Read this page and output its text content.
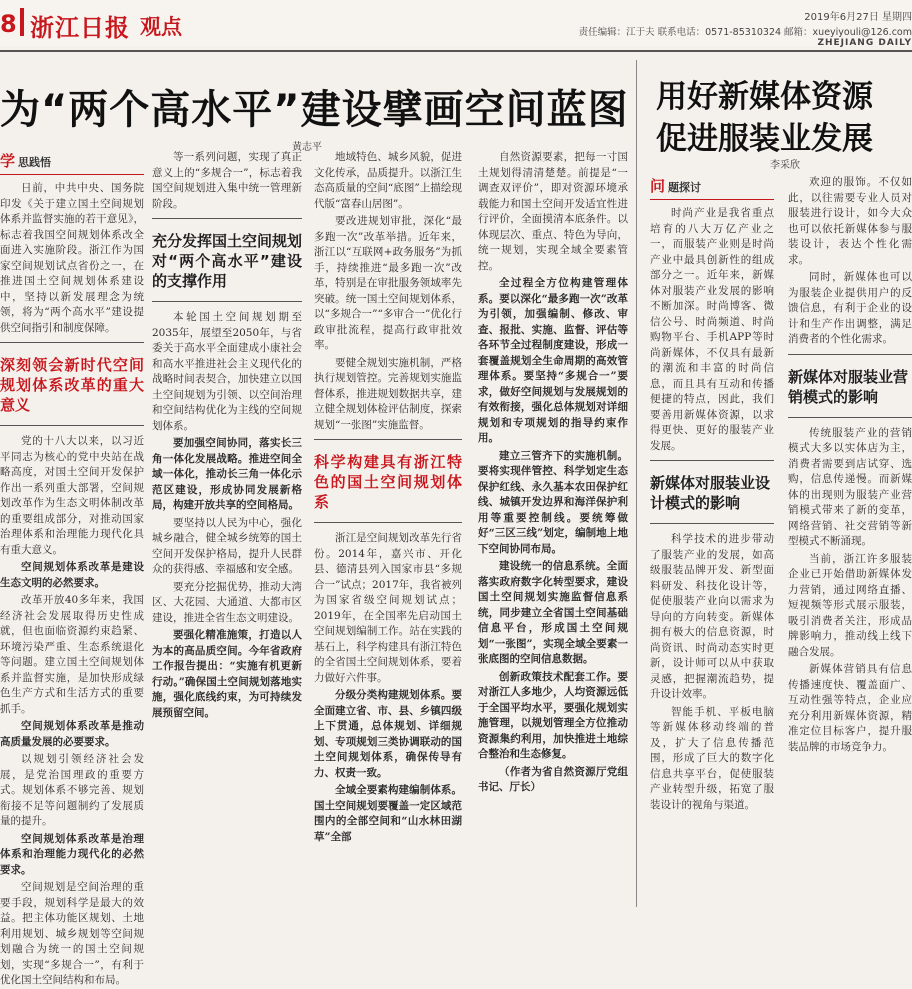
8 浙江日报 观点	2019年6月27日 星期四
责任编辑：江于夫 联系电话：0571-85310324 邮箱：xueyiyouli@126.com
ZHEJIANG DAILY
为“两个高水平”建设擘画空间蓝图
黄志平
学 思践悟

日前，中共中央、国务院印发《关于建立国土空间规划体系并监督实施的若干意见》，标志着我国空间规划体系改全面进入实施阶段。浙江作为国家空间规划试点省份之一，在推进国土空间规划体系建设中，坚持以新发展理念为统领，将为“两个高水平”建设提供空间指引和制度保障。

深刻领会新时代空间规划体系改革的重大意义

党的十八大以来，以习近平同志为核心的党中央站在战略高度，对国土空间开发保护作出一系列重大部署，空间规划改革作为生态文明体制改革的重要组成部分，对推动国家治理体系和治理能力现代化具有重大意义。

空间规划体系改革是建设生态文明的必然要求。

改革开放40多年来，我国经济社会发展取得历史性成就，但也面临资源约束趋紧、环境污染严重、生态系统退化等问题。建立国土空间规划体系并监督实施，是加快形成绿色生产方式和生活方式的重要抓手。

空间规划体系改革是推动高质量发展的必要要求。

以规划引领经济社会发展，是党治国理政的重要方式。规划体系不够完善、规划衔接不足等问题制约了发展质量的提升。

空间规划体系改革是治理体系和治理能力现代化的必然要求。

空间规划是空间治理的重要手段，规划科学是最大的效益。把主体功能区规划、土地利用规划、城乡规划等空间规划融合为统一的国土空间规划，实现“多规合一”，有利于优化国土空间结构和布局。

等一系列问题，实现了真正意义上的“多规合一”，标志着我国空间规划进入集中统一管理新阶段。

充分发挥国土空间规划对“两个高水平”建设的支撑作用

本轮国土空间规划期至2035年，展望至2050年，与省委关于高水平全面建成小康社会和高水平推进社会主义现代化的战略时间表契合，加快建立以国土空间规划为引领、以空间治理和空间结构优化为主线的空间规划体系。

要加强空间协同，落实长三角一体化发展战略。推进空间全域一体化，推动长三角一体化示范区建设，形成协同发展新格局，构建开放共享的空间格局。

要坚持以人民为中心，强化城乡融合，健全城乡统筹的国土空间开发保护格局，提升人民群众的获得感、幸福感和安全感。

要充分挖掘优势，推动大湾区、大花园、大通道、大都市区建设，推进全省生态文明建设。

要强化精准施策，打造以人为本的高品质空间。今年省政府工作报告提出：“实施有机更新行动。”确保国土空间规划落地实施，强化底线约束，为可持续发展预留空间。

地域特色、城乡风貌，促进文化传承，品质提升。以浙江生态高质量的空间“底图”上描绘现代版“富春山居图”。

要改进规划审批，深化“最多跑一次”改革举措。近年来，浙江以“互联网+政务服务”为抓手，持续推进“最多跑一次”改革，特别是在审批服务领域率先突破。统一国土空间规划体系，以“多规合一”“多审合一”优化行政审批流程，提高行政审批效率。

要健全规划实施机制，严格执行规划管控。完善规划实施监督体系，推进规划数据共享，建立健全规划体检评估制度，探索规划“一张图”实施监督。

科学构建具有浙江特色的国土空间规划体系

浙江是空间规划改革先行省份。2014年，嘉兴市、开化县、德清县列入国家市县“多规合一”试点；2017年，我省被列为国家省级空间规划试点；2019年，在全国率先启动国土空间规划编制工作。站在实践的基石上，科学构建具有浙江特色的全省国土空间规划体系，要着力做好六件事。

分级分类构建规划体系。要全面建立省、市、县、乡镇四级上下贯通，总体规划、详细规划、专项规划三类协调联动的国土空间规划体系，确保传导有力、权责一致。

全域全要素构建编制体系。国土空间规划要覆盖一定区域范围内的全部空间和“山水林田湖草”全部

自然资源要素，把每一寸国土规划得清清楚楚。前提是“一调查双评价”，即对资源环境承载能力和国土空间开发适宜性进行评价，全面摸清本底条件。以体现层次、重点、特色为导向，统一规划，实现全域全要素管控。

全过程全方位构建管理体系。要以深化“最多跑一次”改革为引领，加强编制、修改、审查、报批、实施、监督、评估等各环节全过程制度建设，形成一套覆盖规划全生命周期的高效管理体系。要坚持“多规合一”要求，做好空间规划与发展规划的有效衔接，强化总体规划对详细规划和专项规划的指导约束作用。

建立三管齐下的实施机制。要将实现伴管控、科学划定生态保护红线、永久基本农田保护红线、城镇开发边界和海洋保护利用等重要控制线。要统筹做好“三区三线”划定，编制地上地下空间协同布局。

建设统一的信息系统。全面落实政府数字化转型要求，建设国土空间规划实施监督信息系统，同步建立全省国土空间基础信息平台，形成国土空间规划“一张图”，实现全域全要素一张底图的空间信息数据。

创新政策技术配套工作。要对浙江人多地少，人均资源远低于全国平均水平，要强化规划实施管理，以规划管理全方位推动资源集约利用，加快推进土地综合整治和生态修复。

（作者为省自然资源厅党组书记、厅长）

用好新媒体资源
促进服装业发展
李采欣
问 题探讨

时尚产业是我省重点培育的八大万亿产业之一，而服装产业则是时尚产业中最具创新性的组成部分之一。近年来，新媒体对服装产业发展的影响不断加深。时尚博客、微信公号、时尚频道、时尚购物平台、手机APP等时尚新媒体，不仅具有最新的潮流和丰富的时尚信息，而且具有互动和传播便捷的特点，因此，我们要善用新媒体资源，以求得更快、更好的服装产业发展。

新媒体对服装业设计模式的影响

科学技术的进步带动了服装产业的发展，如高级服装品牌开发、新型面料研发、科技化设计等，促使服装产业向以需求为导向的方向转变。新媒体拥有极大的信息资源，时尚资讯、时尚动态实时更新，设计师可以从中获取灵感，把握潮流趋势，提升设计效率。

智能手机、平板电脑等新媒体移动终端的普及，扩大了信息传播范围，形成了巨大的数字化信息共享平台，促使服装产业转型升级，拓宽了服装设计的视角与渠道。

欢迎的服饰。不仅如此，以往需要专业人员对服装进行设计，如今大众也可以依托新媒体参与服装设计，表达个性化需求。

同时，新媒体也可以为服装企业提供用户的反馈信息，有利于企业的设计和生产作出调整，满足消费者的个性化需求。

新媒体对服装业营销模式的影响

传统服装产业的营销模式大多以实体店为主，消费者需要到店试穿、选购，信息传递慢。而新媒体的出现则为服装产业营销模式带来了新的变革，网络营销、社交营销等新型模式不断涌现。

当前，浙江许多服装企业已开始借助新媒体发力营销，通过网络直播、短视频等形式展示服装，吸引消费者关注，形成品牌影响力，推动线上线下融合发展。

新媒体营销具有信息传播速度快、覆盖面广、互动性强等特点，企业应充分利用新媒体资源，精准定位目标客户，提升服装品牌的市场竞争力。
